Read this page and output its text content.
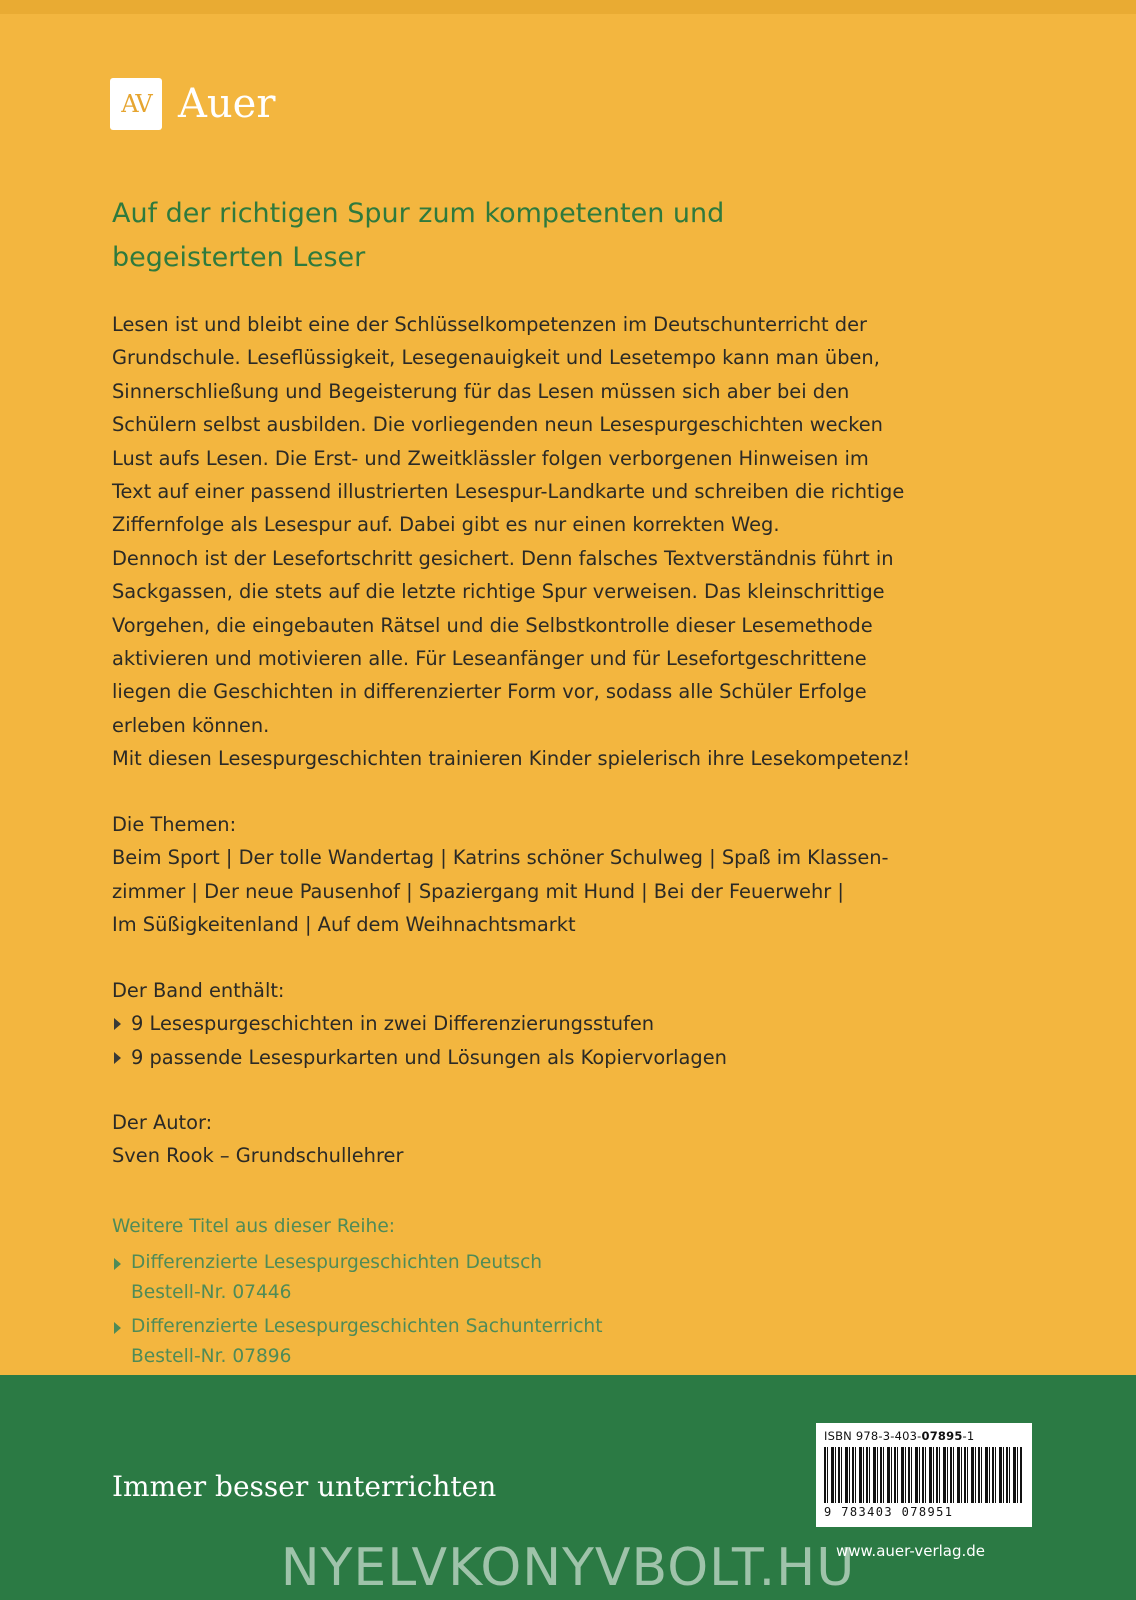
AV Auer
Auf der richtigen Spur zum kompetenten und
begeisterten Leser

Lesen ist und bleibt eine der Schlüsselkompetenzen im Deutschunterricht der

Grundschule. Leseflüssigkeit, Lesegenauigkeit und Lesetempo kann man üben,

Sinnerschließung und Begeisterung für das Lesen müssen sich aber bei den

Schülern selbst ausbilden. Die vorliegenden neun Lesespurgeschichten wecken

Lust aufs Lesen. Die Erst- und Zweitklässler folgen verborgenen Hinweisen im

Text auf einer passend illustrierten Lesespur-Landkarte und schreiben die richtige

Ziffernfolge als Lesespur auf. Dabei gibt es nur einen korrekten Weg.

Dennoch ist der Lesefortschritt gesichert. Denn falsches Textverständnis führt in

Sackgassen, die stets auf die letzte richtige Spur verweisen. Das kleinschrittige

Vorgehen, die eingebauten Rätsel und die Selbstkontrolle dieser Lesemethode

aktivieren und motivieren alle. Für Leseanfänger und für Lesefortgeschrittene

liegen die Geschichten in differenzierter Form vor, sodass alle Schüler Erfolge

erleben können.

Mit diesen Lesespurgeschichten trainieren Kinder spielerisch ihre Lesekompetenz!

Die Themen:
Beim Sport | Der tolle Wandertag | Katrins schöner Schulweg | Spaß im Klassen-
zimmer | Der neue Pausenhof | Spaziergang mit Hund | Bei der Feuerwehr |
Im Süßigkeitenland | Auf dem Weihnachtsmarkt
Der Band enthält:
9 Lesespurgeschichten in zwei Differenzierungsstufen
9 passende Lesespurkarten und Lösungen als Kopiervorlagen
Der Autor:
Sven Rook – Grundschullehrer
Weitere Titel aus dieser Reihe:
Differenzierte Lesespurgeschichten Deutsch
Bestell-Nr. 07446
Differenzierte Lesespurgeschichten Sachunterricht
Bestell-Nr. 07896
Immer besser unterrichten
ISBN 978-3-403-07895-1
9 783403 078951
www.auer-verlag.de
NYELVKONYVBOLT.HU
